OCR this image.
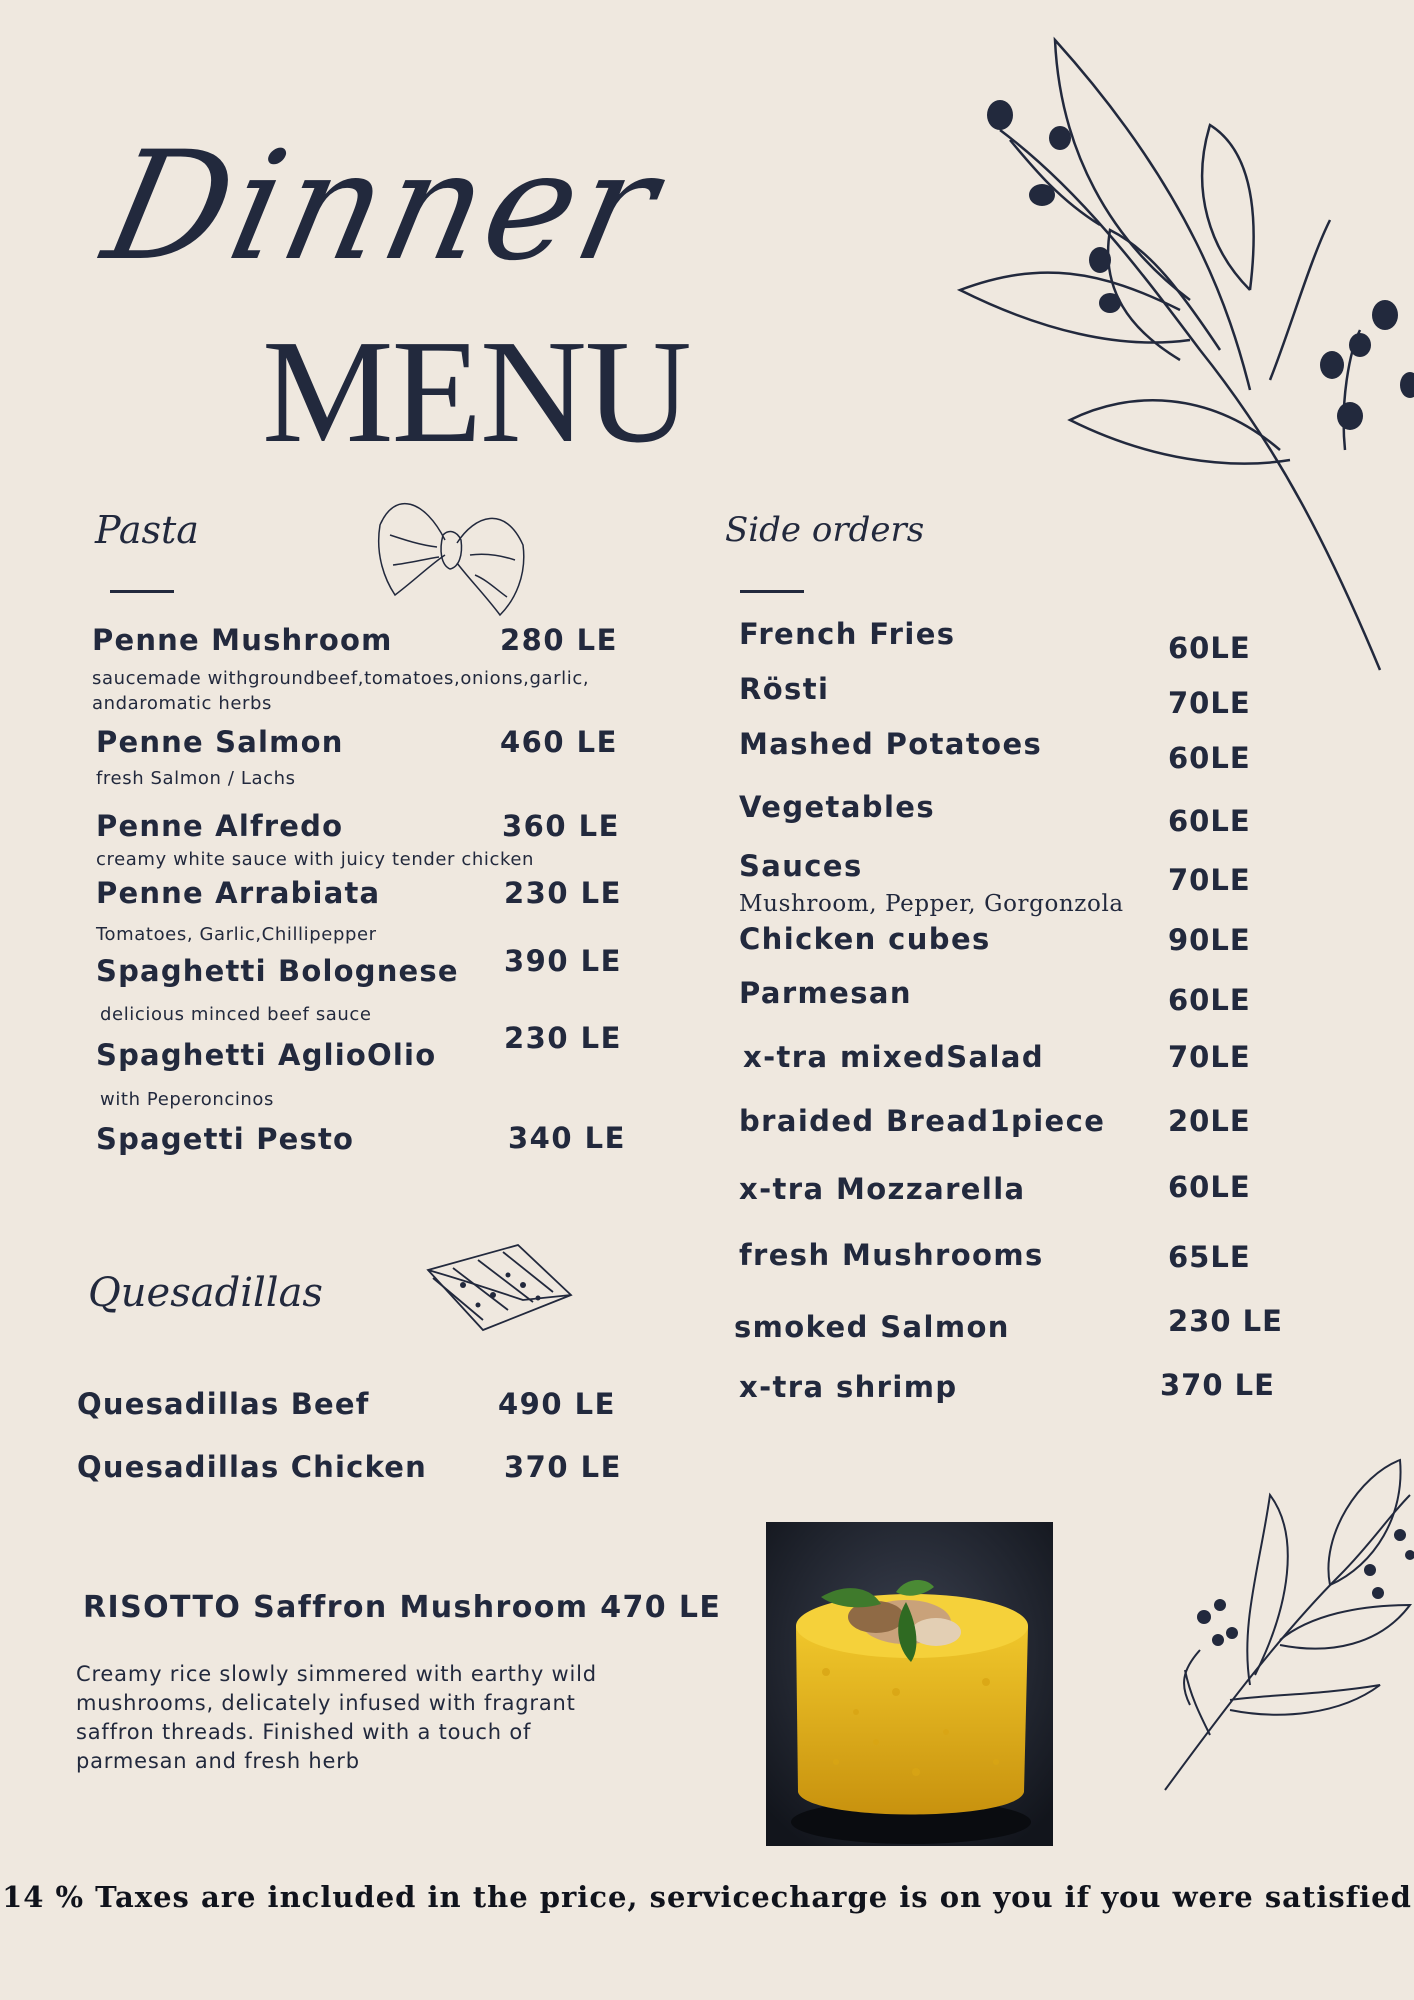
Dinner
MENU
Pasta
Penne Mushroom	280 LE
saucemade withgroundbeef,tomatoes,onions,garlic, andaromatic herbs
Penne Salmon	460 LE
fresh Salmon / Lachs
Penne Alfredo	360 LE
creamy white sauce with juicy tender chicken
Penne Arrabiata	230 LE
Tomatoes, Garlic,Chillipepper
Spaghetti Bolognese 390 LE
delicious minced beef sauce
Spaghetti AglioOlio 230 LE
with Peperoncinos
Spagetti Pesto	340 LE
Quesadillas
Quesadillas Beef	490 LE
Quesadillas Chicken	370 LE
Side orders
French Fries	60LE
Rösti	70LE
Mashed Potatoes	60LE
Vegetables	60LE
Sauces	70LE
Mushroom, Pepper, Gorgonzola
Chicken cubes	90LE
Parmesan	60LE
x-tra mixedSalad	70LE
braided Bread1piece 20LE
x-tra Mozzarella	60LE
fresh Mushrooms	65LE
smoked Salmon	230 LE
x-tra shrimp	370 LE
RISOTTO Saffron Mushroom 470 LE
Creamy rice slowly simmered with earthy wild mushrooms, delicately infused with fragrant saffron threads. Finished with a touch of parmesan and fresh herb
14 % Taxes are included in the price, servicecharge is on you if you were satisfied
